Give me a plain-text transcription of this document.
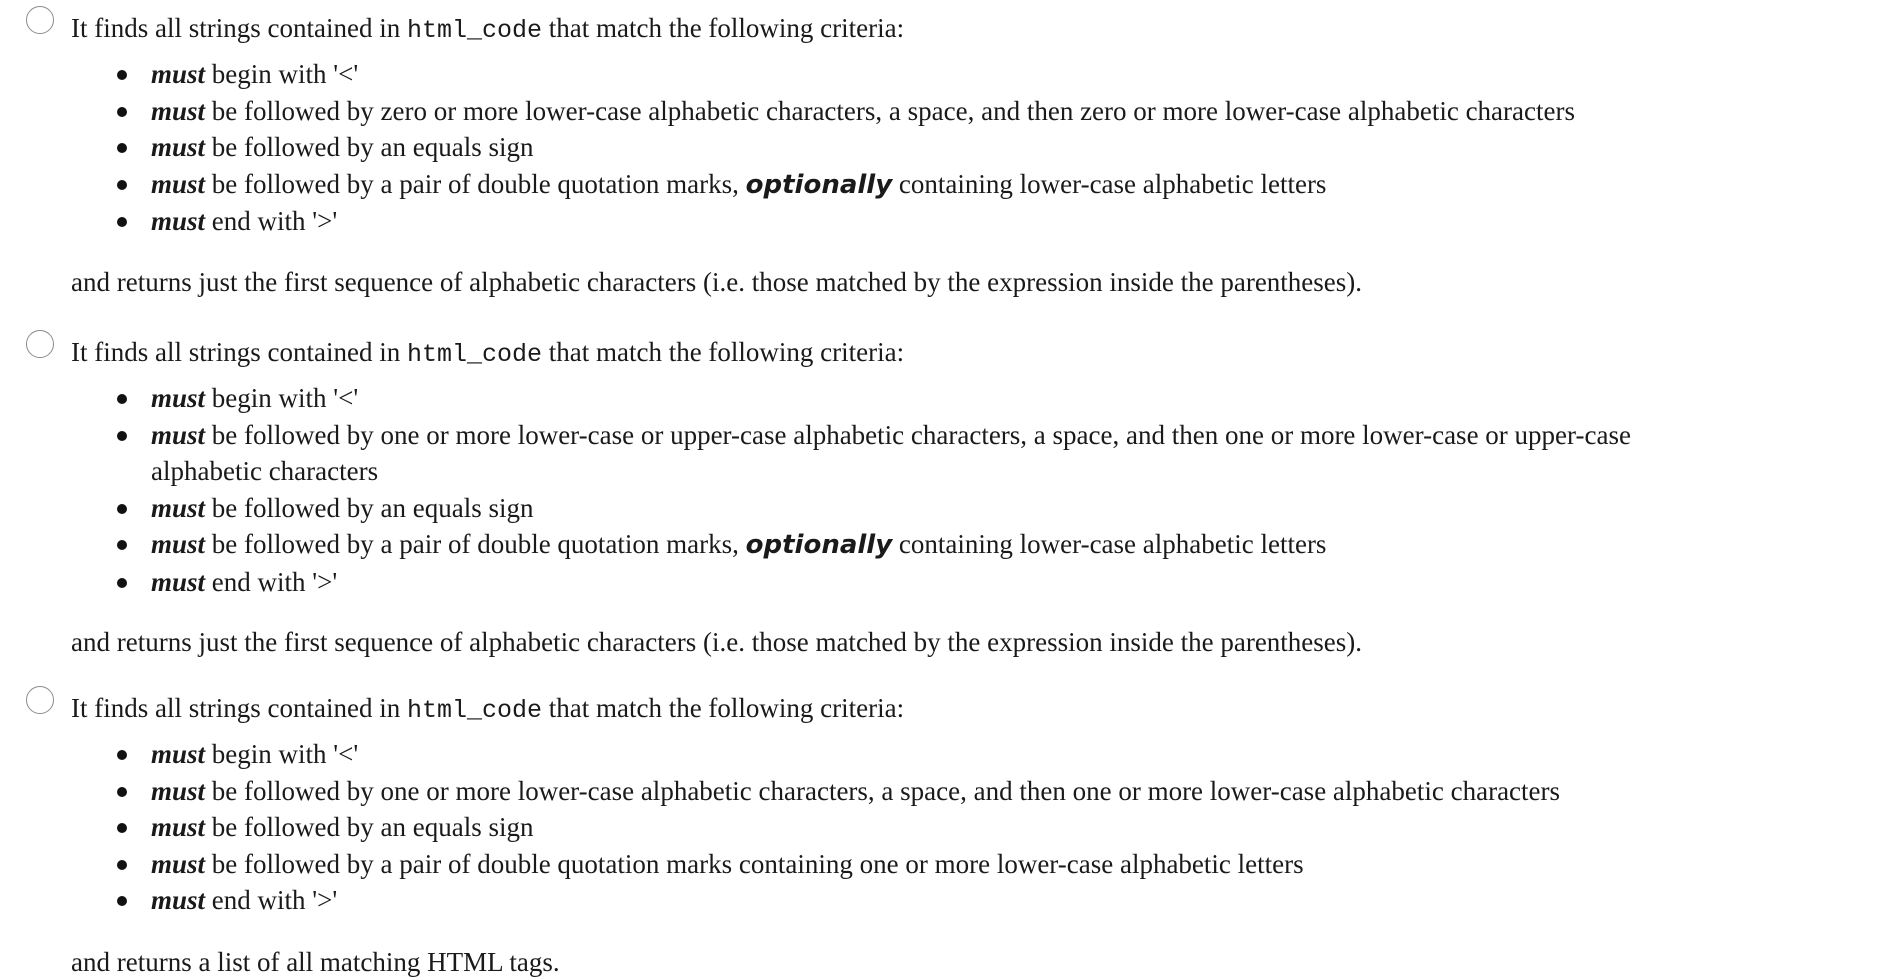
It finds all strings contained in html_code that match the following criteria:
must begin with '<'
must be followed by zero or more lower-case alphabetic characters, a space, and then zero or more lower-case alphabetic characters
must be followed by an equals sign
must be followed by a pair of double quotation marks, optionally containing lower-case alphabetic letters
must end with '>'
and returns just the first sequence of alphabetic characters (i.e. those matched by the expression inside the parentheses).
It finds all strings contained in html_code that match the following criteria:
must begin with '<'
must be followed by one or more lower-case or upper-case alphabetic characters, a space, and then one or more lower-case or upper-case alphabetic characters
must be followed by an equals sign
must be followed by a pair of double quotation marks, optionally containing lower-case alphabetic letters
must end with '>'
and returns just the first sequence of alphabetic characters (i.e. those matched by the expression inside the parentheses).
It finds all strings contained in html_code that match the following criteria:
must begin with '<'
must be followed by one or more lower-case alphabetic characters, a space, and then one or more lower-case alphabetic characters
must be followed by an equals sign
must be followed by a pair of double quotation marks containing one or more lower-case alphabetic letters
must end with '>'
and returns a list of all matching HTML tags.
